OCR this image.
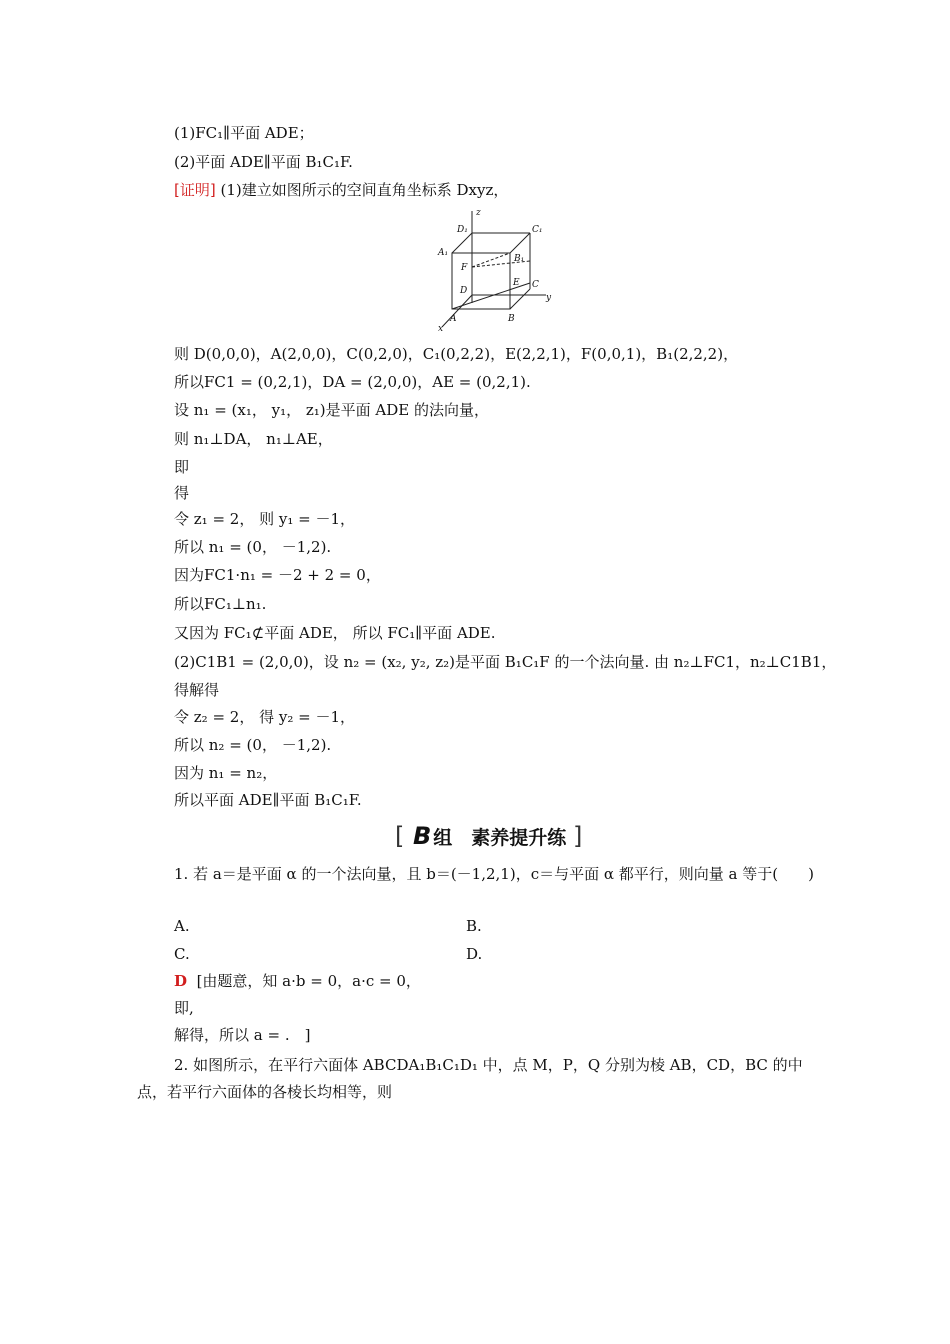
(1)FC₁∥平面 ADE；
(2)平面 ADE∥平面 B₁C₁F.
[证明] (1)建立如图所示的空间直角坐标系 Dxyz，
z
y
x
D₁	C₁
A₁
B₁
F
E
D
C
A	B
则 D(0,0,0)，A(2,0,0)，C(0,2,0)，C₁(0,2,2)，E(2,2,1)，F(0,0,1)，B₁(2,2,2)，
所以FC1 = (0,2,1)，DA = (2,0,0)，AE = (0,2,1).
设 n₁ = (x₁， y₁， z₁)是平面 ADE 的法向量，
则 n₁⊥DA， n₁⊥AE，
即
得
令 z₁ = 2， 则 y₁ = －1，
所以 n₁ = (0， －1,2).
因为FC1·n₁ = －2 + 2 = 0，
所以FC₁⊥n₁.
又因为 FC₁⊄平面 ADE， 所以 FC₁∥平面 ADE.
(2)C1B1 = (2,0,0)，设 n₂ = (x₂, y₂, z₂)是平面 B₁C₁F 的一个法向量. 由 n₂⊥FC1，n₂⊥C1B1，
得解得
令 z₂ = 2， 得 y₂ = －1，
所以 n₂ = (0， －1,2).
因为 n₁ = n₂，
所以平面 ADE∥平面 B₁C₁F.
[ B 组　素养提升练 ]
1. 若 a＝是平面 α 的一个法向量，且 b＝(－1,2,1)，c＝与平面 α 都平行，则向量 a 等于(　　)
A.	B.
C.	D.
D [由题意，知 a·b = 0，a·c = 0，
即,
解得，所以 a = .　]
2. 如图所示，在平行六面体 ABCDA₁B₁C₁D₁ 中，点 M，P，Q 分别为棱 AB，CD，BC 的中点，若平行六面体的各棱长均相等，则
